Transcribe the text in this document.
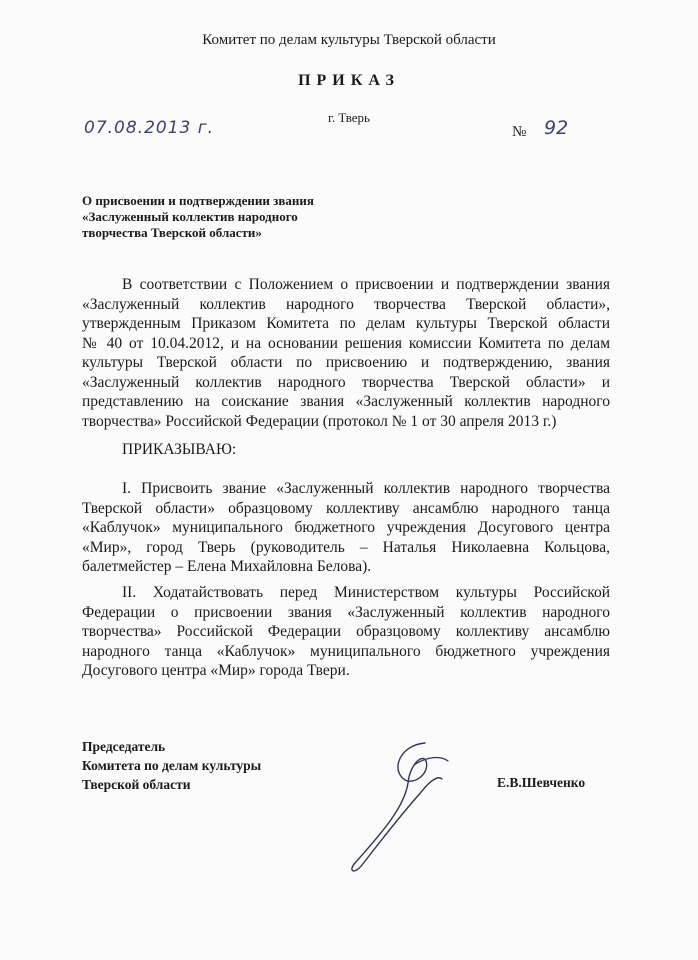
Комитет по делам культуры Тверской области
ПРИКАЗ
г. Тверь
07.08.2013 г.	№ 92
О присвоении и подтверждении звания
«Заслуженный коллектив народного
творчества Тверской области»
В соответствии с Положением о присвоении и подтверждении звания
«Заслуженный коллектив народного творчества Тверской области»,
утвержденным Приказом Комитета по делам культуры Тверской области
№ 40 от 10.04.2012, и на основании решения комиссии Комитета по делам
культуры Тверской области по присвоению и подтверждению, звания
«Заслуженный коллектив народного творчества Тверской области» и
представлению на соискание звания «Заслуженный коллектив народного
творчества» Российской Федерации (протокол № 1 от 30 апреля 2013 г.)
ПРИКАЗЫВАЮ:
I. Присвоить звание «Заслуженный коллектив народного творчества
Тверской области» образцовому коллективу ансамблю народного танца
«Каблучок» муниципального бюджетного учреждения Досугового центра
«Мир», город Тверь (руководитель – Наталья Николаевна Кольцова,
балетмейстер – Елена Михайловна Белова).
II. Ходатайствовать перед Министерством культуры Российской
Федерации о присвоении звания «Заслуженный коллектив народного
творчества» Российской Федерации образцовому коллективу ансамблю
народного танца «Каблучок» муниципального бюджетного учреждения
Досугового центра «Мир» города Твери.
Председатель
Комитета по делам культуры
Тверской области	Е.В.Шевченко
